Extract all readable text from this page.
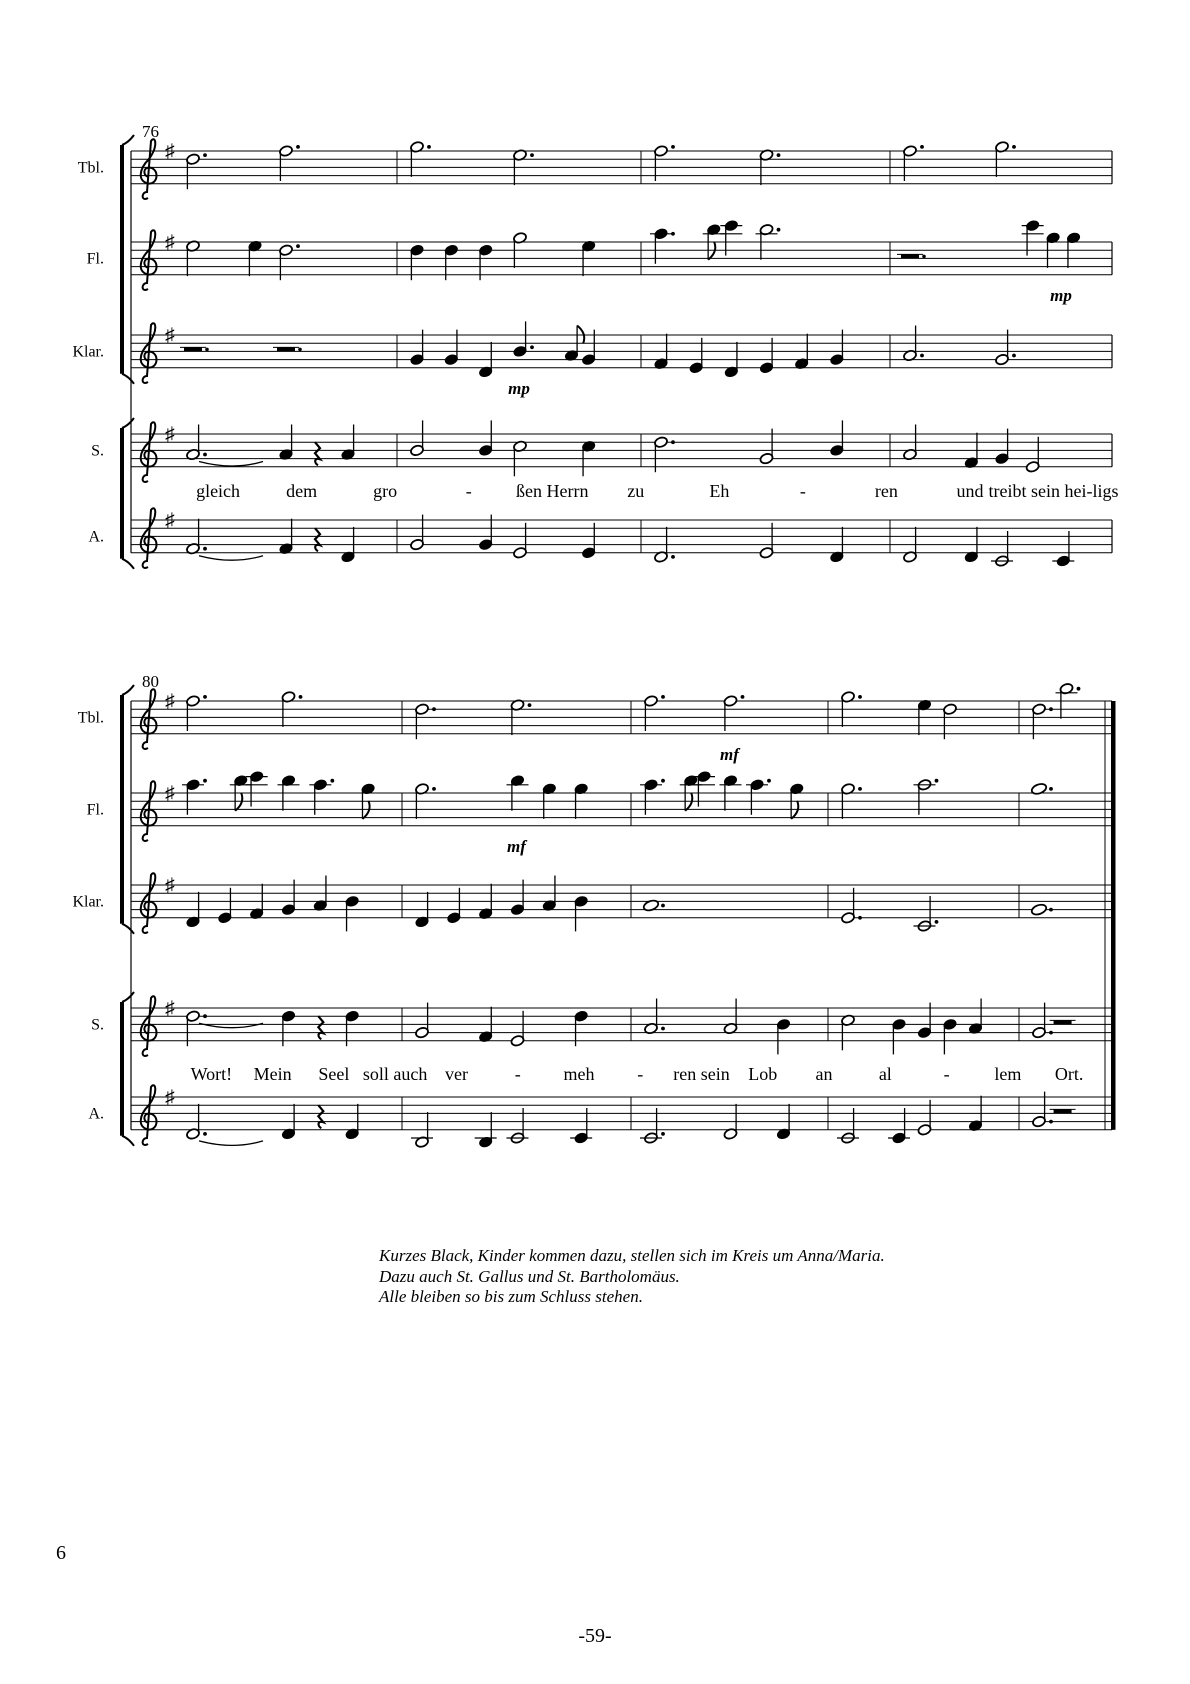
76
Tbl.
♯
Fl.
♯
mp
Klar.
♯
mp
S.
♯
gleich	dem	gro	- ßen Herrn zu	Eh	-	ren	und treibt sein hei-ligs
A.
♯
80
Tbl.
♯
mf
Fl.
♯
mf
Klar.
♯
S.
♯
Wort! Mein Seel soll auch ver	- meh - ren sein Lob an	al	- lem Ort.
A.
♯
Kurzes Black, Kinder kommen dazu, stellen sich im Kreis um Anna/Maria.
Dazu auch St. Gallus und St. Bartholomäus.
Alle bleiben so bis zum Schluss stehen.
6
-59-
